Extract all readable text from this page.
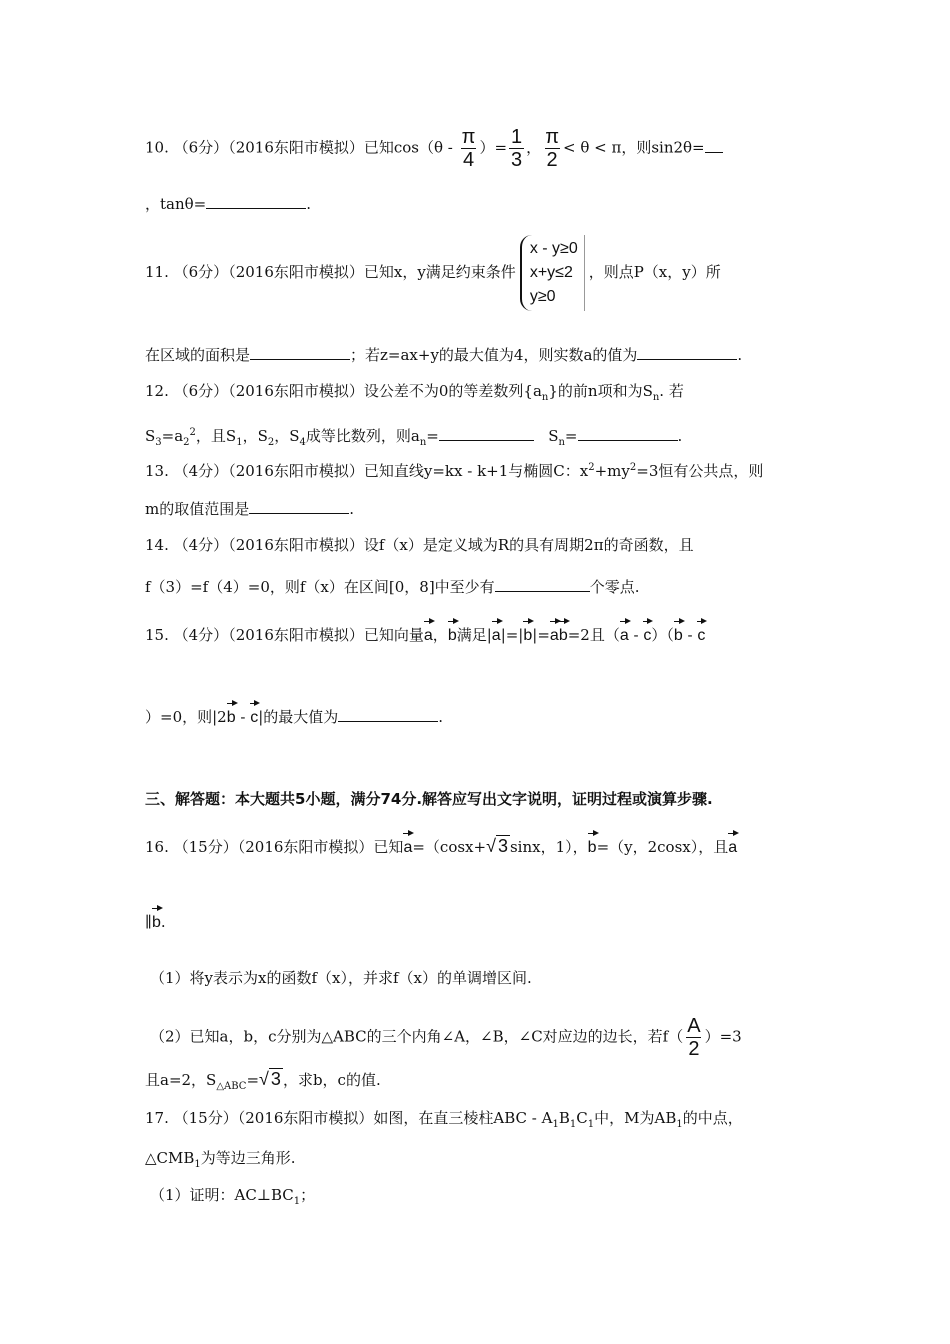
10. （6分）（2016东阳市模拟）已知$\cos(\theta - \frac{\pi}{4}$ ）= $\frac{1}{3}$ ， $\frac{\pi}{2} < \theta < \pi$，则sin2θ=
，tanθ=	.
11. （6分）（2016东阳市模拟）已知x，y满足约束条件
x - y≥0
x+y≤2
y≥0
，则点P（x，y）所
在区域的面积是	；若z=ax+y的最大值为4，则实数a的值为	.
12. （6分）（2016东阳市模拟）设公差不为0的等差数列$\{a_n\}$的前n项和为$S_n$. 若
$S_3=a_2^2$，且$S_1$，$S_2$，$S_4$成等比数列，则$a_n=$	$S_n=$	.
13. （4分）（2016东阳市模拟）已知直线y=kx - k+1与椭圆C：$x^2+my^2=3$恒有公共点，则
m的取值范围是	.
14. （4分）（2016东阳市模拟）设f（x）是定义域为R的具有周期2π的奇函数，且
f（3）=f（4）=0，则f（x）在区间[0，8]中至少有	个零点.
15. （4分）（2016东阳市模拟）已知向量a，b满足|a|=|b|=ab=2且（a - c）（b - c
）=0，则|2b - c|的最大值为	.
三、解答题：本大题共5小题，满分74分.解答应写出文字说明，证明过程或演算步骤.
16. （15分）（2016东阳市模拟）已知a=（cosx+√ 3 sinx，1），b=（y，2cosx），且a
∥b.
（1）将y表示为x的函数f（x），并求f（x）的单调增区间.
（2）已知a，b，c分别为△ABC的三个内角∠A，∠B，∠C对应边的边长，若$f( \frac{A}{2} )=3$
且a=2，$S_{\triangle ABC}=√$ 3 ，求b，c的值.
17. （15分）（2016东阳市模拟）如图，在直三棱柱ABC - $A_1B_1C_1$中，M为$AB_1$的中点，
$\triangle CMB_1$为等边三角形.
（1）证明：$AC\perp BC_1$；
